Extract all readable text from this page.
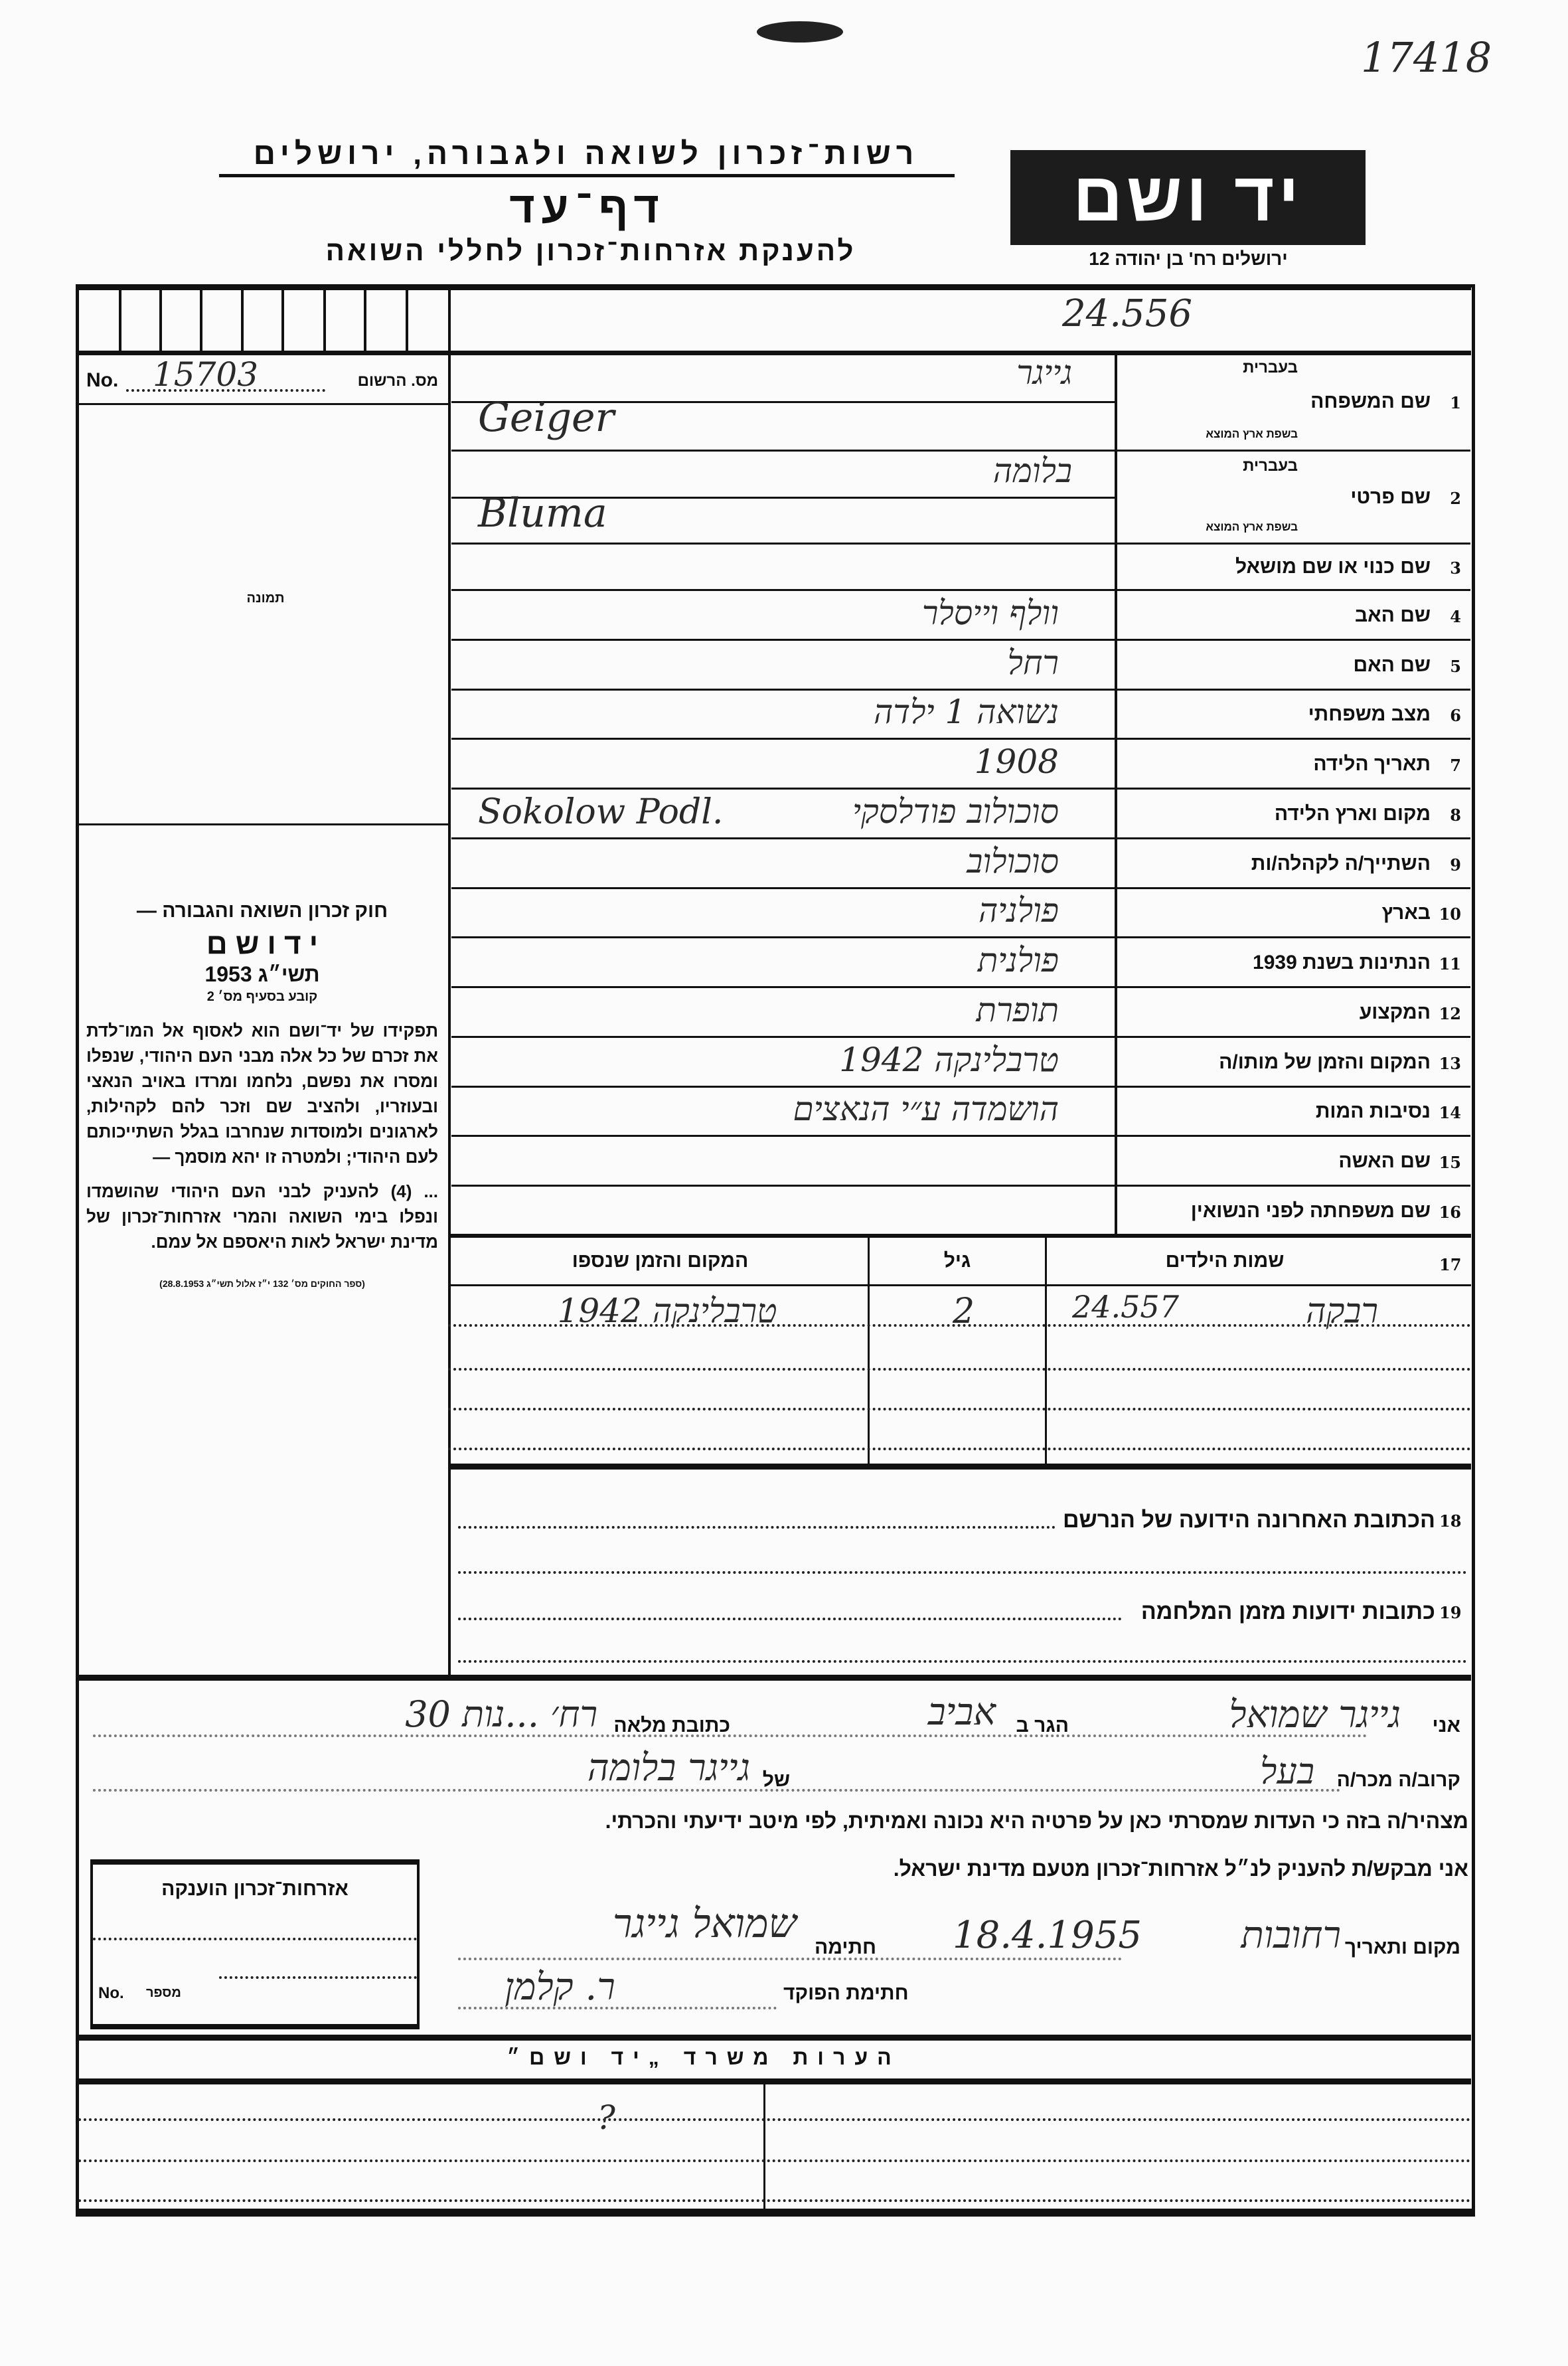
17418
רשות־זכרון לשואה ולגבורה, ירושלים
דף־עד
להענקת אזרחות־זכרון לחללי השואה
יד ושם
ירושלים רח' בן יהודה 12
24.556
No. 15703	מס. הרשום
תמונה
חוק זכרון השואה והגבורה —
י ד ו ש ם
תשי״ג 1953
קובע בסעיף מס׳ 2
תפקידו של יד־ושם הוא לאסוף אל המו־לדת את זכרם של כל אלה מבני העם היהודי, שנפלו ומסרו את נפשם, נלחמו ומרדו באויב הנאצי ובעוזריו, ולהציב שם וזכר להם לקהילות, לארגונים ולמוסדות שנחרבו בגלל השתייכותם לעם היהודי; ולמטרה זו יהא מוסמך —
... (4) להעניק לבני העם היהודי שהושמדו ונפלו בימי השואה והמרי אזרחות־זכרון של מדינת ישראל לאות היאספם אל עמם.
(ספר החוקים מס׳ 132 י״ז אלול תשי״ג 28.8.1953)
1
שם המשפחה
בעברית
בשפת ארץ המוצא
גייגר
Geiger
2
שם פרטי
בעברית
בשפת ארץ המוצא
בלומה
Bluma
3
שם כנוי או שם מושאל
4
שם האב
וולף וייסלר
5
שם האם
רחל
6
מצב משפחתי
נשואה 1 ילדה
7
תאריך הלידה
1908
8
מקום וארץ הלידה
סוכולוב פודלסקי
Sokolow Podl.
9
השתייך/ה לקהלה/ות
סוכולוב
10
בארץ
פולניה
11
הנתינות בשנת 1939
פולנית
12
המקצוע
תופרת
13
המקום והזמן של מותו/ה
טרבלינקה 1942
14
נסיבות המות
הושמדה ע״י הנאצים
15
שם האשה
16
שם משפחתה לפני הנשואין
17
שמות הילדים
גיל
המקום והזמן שנספו
רבקה
24.557
2
טרבלינקה 1942
18
הכתובת האחרונה הידועה של הנרשם
19
כתובות ידועות מזמן המלחמה
אני
גייגר שמואל
הגר ב
אביב
כתובת מלאה
רח׳ ...נות 30
קרוב/ה מכר/ה
בעל
של
גייגר בלומה
מצהיר/ה בזה כי העדות שמסרתי כאן על פרטיה היא נכונה ואמיתית, לפי מיטב ידיעתי והכרתי.
אני מבקש/ת להעניק לנ״ל אזרחות־זכרון מטעם מדינת ישראל.
מקום ותאריך
רחובות
18.4.1955
חתימה
שמואל גייגר
חתימת הפוקד
ר. קלמן
אזרחות־זכרון הוענקה
No. מספר
הערות משרד „יד ושם״
?
